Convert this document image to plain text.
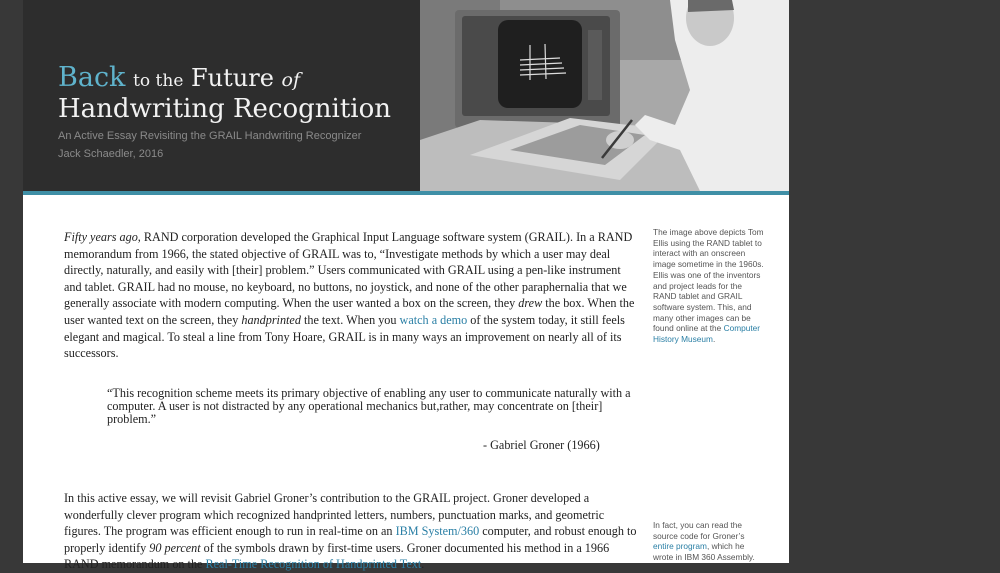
Back to the Future of
Handwriting Recognition
An Active Essay Revisiting the GRAIL Handwriting Recognizer
Jack Schaedler, 2016
Fifty years ago, RAND corporation developed the Graphical Input Language software system (GRAIL). In a RAND memorandum from 1966, the stated objective of GRAIL was to, “Investigate methods by which a user may deal directly, naturally, and easily with [their] problem.” Users communicated with GRAIL using a pen-like instrument and tablet. GRAIL had no mouse, no keyboard, no buttons, no joystick, and none of the other paraphernalia that we generally associate with modern computing. When the user wanted a box on the screen, they drew the box. When the user wanted text on the screen, they handprinted the text. When you watch a demo of the system today, it still feels elegant and magical. To steal a line from Tony Hoare, GRAIL is in many ways an improvement on nearly all of its successors.
“This recognition scheme meets its primary objective of enabling any user to communicate naturally with a computer. A user is not distracted by any operational mechanics but,rather, may concentrate on [their] problem.”
- Gabriel Groner (1966)
In this active essay, we will revisit Gabriel Groner’s contribution to the GRAIL project. Groner developed a wonderfully clever program which recognized handprinted letters, numbers, punctuation marks, and geometric figures. The program was efficient enough to run in real-time on an IBM System/360 computer, and robust enough to properly identify 90 percent of the symbols drawn by first-time users. Groner documented his method in a 1966 RAND memorandum on the Real-Time Recognition of Handprinted Text.
The image above depicts Tom Ellis using the RAND tablet to interact with an onscreen image sometime in the 1960s. Ellis was one of the inventors and project leads for the RAND tablet and GRAIL software system. This, and many other images can be found online at the Computer History Museum.
In fact, you can read the source code for Groner’s entire program, which he wrote in IBM 360 Assembly.
